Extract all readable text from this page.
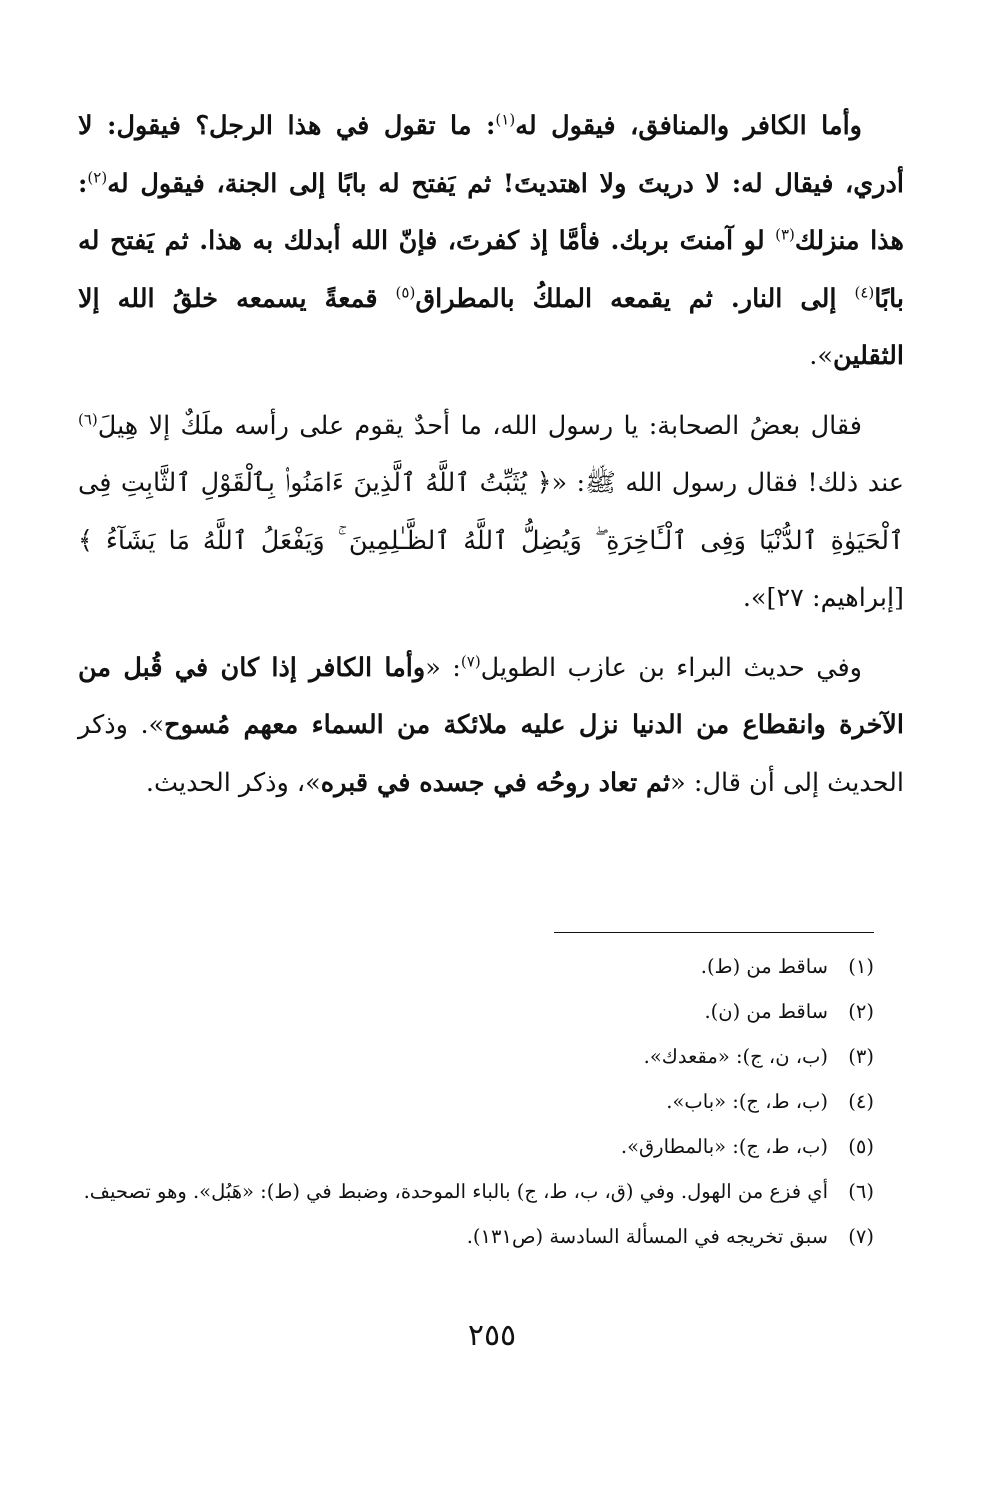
وأما الكافر والمنافق، فيقول له$^{(١)}$: ما تقول في هذا الرجل؟ فيقول: لا أدري، فيقال له: لا دريتَ ولا اهتديتَ! ثم يَفتح له بابًا إلى الجنة، فيقول له$^{(٢)}$: هذا منزلك$^{(٣)}$ لو آمنتَ بربك. فأمَّا إذ كفرتَ، فإنّ الله أبدلك به هذا. ثم يَفتح له بابًا$^{(٤)}$ إلى النار. ثم يقمعه الملكُ بالمطراق$^{(٥)}$ قمعةً يسمعه خلقُ الله إلا الثقلين».

فقال بعضُ الصحابة: يا رسول الله، ما أحدٌ يقوم على رأسه ملَكٌ إلا هِيلَ$^{(٦)}$ عند ذلك! فقال رسول الله ﷺ: «﴿ يُثَبِّتُ ٱللَّهُ ٱلَّذِينَ ءَامَنُوا۟ بِٱلْقَوْلِ ٱلثَّابِتِ فِى ٱلْحَيَوٰةِ ٱلدُّنْيَا وَفِى ٱلْـَٔاخِرَةِ ۖ وَيُضِلُّ ٱللَّهُ ٱلظَّـٰلِمِينَ ۚ وَيَفْعَلُ ٱللَّهُ مَا يَشَآءُ ﴾ [إبراهيم: ٢٧]».

وفي حديث البراء بن عازب الطويل$^{(٧)}$: «وأما الكافر إذا كان في قُبل من الآخرة وانقطاع من الدنيا نزل عليه ملائكة من السماء معهم مُسوح». وذكر الحديث إلى أن قال: «ثم تعاد روحُه في جسده في قبره»، وذكر الحديث.

(١)
ساقط من (ط).
(٢)
ساقط من (ن).
(٣)
(ب، ن، ج): «مقعدك».
(٤)
(ب، ط، ج): «باب».
(٥)
(ب، ط، ج): «بالمطارق».
(٦)
أي فزع من الهول. وفي (ق، ب، ط، ج) بالباء الموحدة، وضبط في (ط): «هَبُل». وهو تصحيف.
(٧)
سبق تخريجه في المسألة السادسة (ص١٣١).
٢٥٥
